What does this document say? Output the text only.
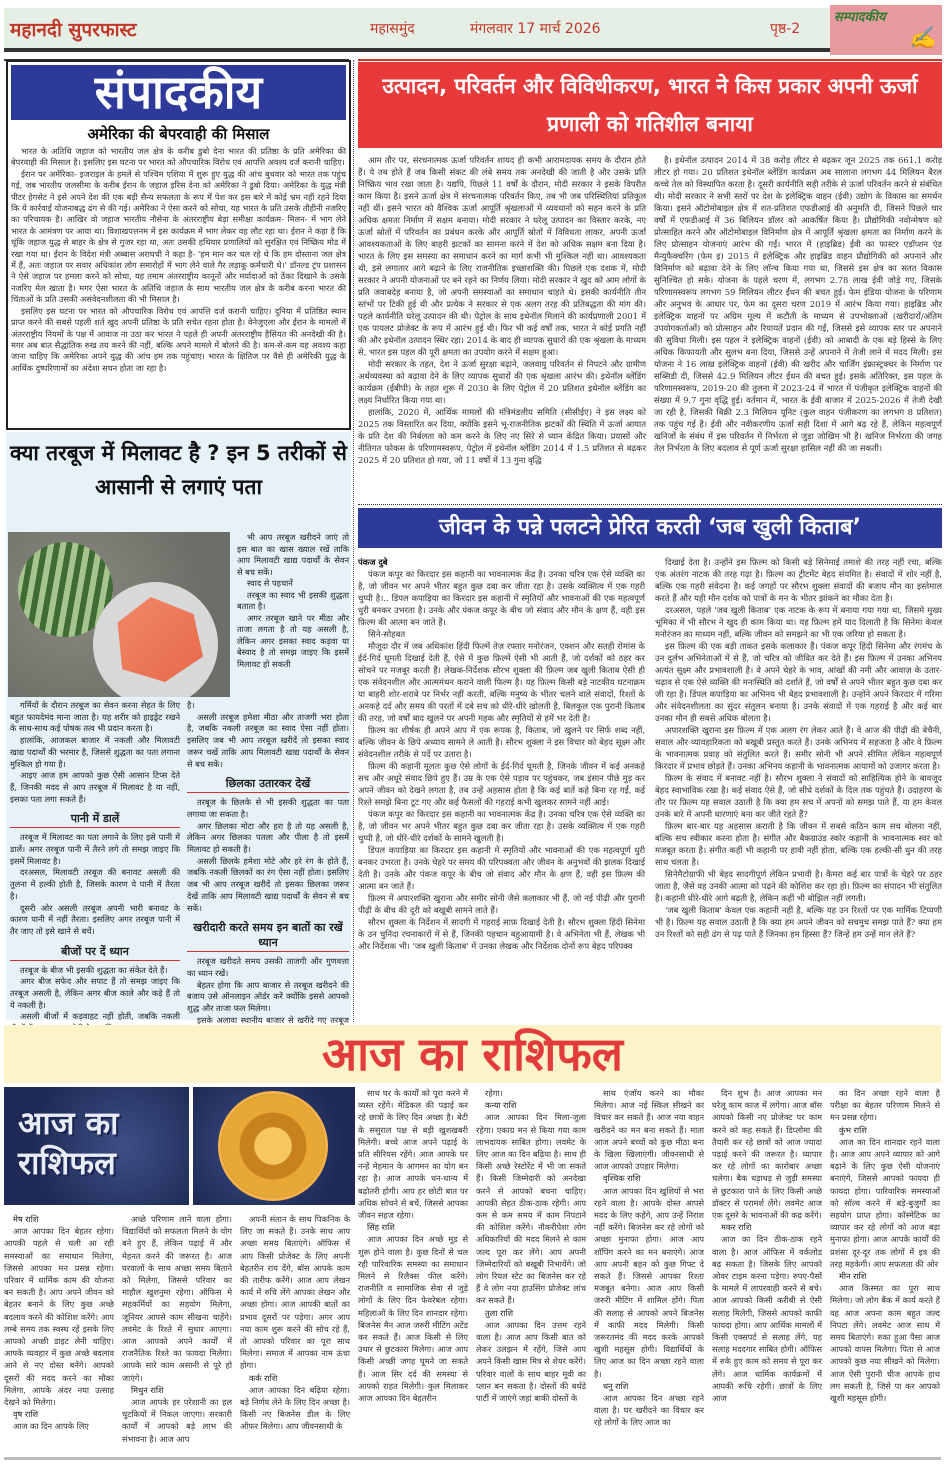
महानदी सुपरफास्ट	महासमुंद	मंगलवार 17 मार्च 2026	पृष्ठ-2
सम्पादकीय
✍
संपादकीय
अमेरिका की बेपरवाही की मिसाल

भारत के अतिथि जहाज को भारतीय जल क्षेत्र के करीब डुबो देना भारत की प्रतिष्ठा के प्रति अमेरिका की बेपरवाही की मिसाल है। इसलिए इस घटना पर भारत को औपचारिक विरोध एवं आपत्ति अवश्य दर्ज करानी चाहिए।

ईरान पर अमेरिका- इजराइल के हमले से पश्चिम एशिया में शुरू हुए युद्ध की आंच बुधवार को भारत तक पहुंच गई, जब भारतीय जलसीमा के करीब ईरान के जहाज इरिस देना को अमेरिका ने डुबो दिया। अमेरिका के युद्ध मंत्री पीटर हेगसेट ने इसे अपने देश की एक बड़ी सैन्य सफलता के रूप में पेश कर इस बारे में कोई भ्रम नहीं रहने दिया कि ये कार्रवाई योजनाबद्ध ढंग से की गई। अमेरिका ने ऐसा करने को सोचा, यह भारत के प्रति उसके तौहीनी नजरिए का परिचायक है। आखिर वो जहाज भारतीय नौसेना के अंतरराष्ट्रीय बेड़ा समीक्षा कार्यक्रम- मिलन- में भाग लेने भारत के आमंत्रण पर आया था। विशाखपत्तनम में इस कार्यक्रम में भाग लेकर वह लौट रहा था। ईरान ने कहा है कि चूंकि जहाज युद्ध से बाहर के क्षेत्र से गुजर रहा था, अतः उसकी हथियार प्रणालियों को सुरक्षित एवं निष्क्रिय मोड में रखा गया था। ईरान के विदेश मंत्री अब्बास अराघची ने कहा है- 'हम मान कर चल रहे थे कि हम दोस्ताना जल क्षेत्र में हैं, अतः जहाज पर सवार अधिकांश लोग समारोहों में भाग लेने वाले गैर लड़ाकू कर्मचारी थे।' डॉनल्ड ट्रंप प्रशासन ने ऐसे जहाज पर हमला करने को सोचा, यह तमाम अंतरराष्ट्रीय कानूनों और मर्यादाओं को ठेंका दिखाने के उसके नजरिए मेल खाता है। मगर ऐसा भारत के अतिथि जहाज के साथ भारतीय जल क्षेत्र के करीब करना भारत की चिंताओं के प्रति उसकी असंवेदनशीलता की भी मिसाल है।

इसलिए इस घटना पर भारत को औपचारिक विरोध एवं आपत्ति दर्ज करानी चाहिए। दुनिया में प्रतिष्ठित स्थान प्राप्त करने की सबसे पहली शर्त खुद अपनी प्रतिष्ठा के प्रति सचेत रहना होता है। वेनेजुएला और ईरान के मामलों में अंतरराष्ट्रीय नियमों के पक्ष में आवाज ना उठा कर भारत ने पहले ही अपनी अंतरराष्ट्रीय हैसियत की अनदेखी की है। मगर अब बात सैद्धांतिक रुख तय करने की नहीं, बल्कि अपने मामले में बोलने की है। कम-से-कम यह अवश्य कहा जाना चाहिए कि अमेरिका अपने युद्ध की आंच हम तक पहुंचाए। भारत के क्षितिज पर वैसे ही अमेरिकी युद्ध के आर्थिक दुष्परिणामों का अंदेशा सघन होता जा रहा है।

क्या तरबूज में मिलावट है ? इन 5 तरीकों से आसानी से लगाएं पता

भी आप तरबूज खरीदने जाएं तो इस बात का खास ख्याल रखें ताकि आप मिलावटी खाद्य पदार्थों के सेवन से बच सकें।

स्वाद से पहचानें

तरबूज का स्वाद भी इसकी शुद्धता बताता है।

अगर तरबूज खाने पर मीठा और ताजा लगता है तो यह असली है, लेकिन अगर इसका स्वाद कड़वा या बेस्वाद है तो समझ जाइए कि इसमें मिलावट हो सकती

गर्मियों के दौरान तरबूज का सेवन करना सेहत के लिए बहुत फायदेमंद माना जाता है। यह शरीर को हाइड्रेट रखने के साथ-साथ कई पोषक तत्व भी प्रदान करता है।

हालांकि, आजकल बाजार में नकली और मिलावटी खाद्य पदार्थों की भरमार है, जिससे शुद्धता का पता लगाना मुश्किल हो गया है।

आइए आज हम आपको कुछ ऐसी आसान टिप्स देते हैं, जिनकी मदद से आप तरबूज में मिलावट है या नहीं, इसका पता लगा सकते हैं।

पानी में डालें

तरबूज में मिलावट का पता लगाने के लिए इसे पानी में डालें। अगर तरबूज पानी में तैरने लगे तो समझ जाइए कि इसमें मिलावट है।

दरअसल, मिलावटी तरबूज की बनावट असली की तुलना में हल्की होती है, जिसके कारण ये पानी में तैरता है।

दूसरी ओर असली तरबूज अपनी भारी बनावट के कारण पानी में नहीं तैरता। इसलिए अगर तरबूज पानी में तैर जाए तो इसे खाने से बचें।

बीजों पर दें ध्यान

तरबूज के बीज भी इसकी शुद्धता का संकेत देते हैं।

अगर बीज सफेद और सपाट हैं तो समझ जाइए कि तरबूज असली है, लेकिन अगर बीज काले और कड़े हैं तो ये नकली है।

असली बीजों में कड़वाहट नहीं होती, जबकि नकली

है।

असली तरबूज हमेशा मीठा और ताजगी भरा होता है, जबकि नकली तरबूज का स्वाद ऐसा नहीं होता। इसलिए जब भी आप तरबूज खरीदें तो इसका स्वाद जरूर चखें ताकि आप मिलावटी खाद्य पदार्थों के सेवन से बच सकें।

छिलका उतारकर देखें

तरबूज के छिलके से भी इसकी शुद्धता का पता लगाया जा सकता है।

अगर छिलका मोटा और हरा है तो यह असली है, लेकिन अगर छिलका पतला और पीला है तो इसमें मिलावट हो सकती है।

असली छिलके हमेशा मोटे और हरे रंग के होते हैं, जबकि नकली छिलकों का रंग ऐसा नहीं होता। इसलिए जब भी आप तरबूज खरीदें तो इसका छिलका जरूर देखें ताकि आप मिलावटी खाद्य पदार्थों के सेवन से बच सकें।

खरीदारी करते समय इन बातों का रखें ध्यान

तरबूज खरीदते समय उसकी ताजगी और गुणवत्ता का ध्यान रखें।

बेहतर होगा कि आप बाजार से तरबूज खरीदने की बजाय उसे ऑनलाइन ऑर्डर करें क्योंकि इससे आपको शुद्ध और ताजा फल मिलेगा।

इसके अलावा स्थानीय बाजार से खरीदे गए तरबूज

उत्पादन, परिवर्तन और विविधीकरण, भारत ने किस प्रकार अपनी ऊर्जा प्रणाली को गतिशील बनाया

आम तौर पर, संरचनात्मक ऊर्जा परिवर्तन शायद ही कभी आरामदायक समय के दौरान होते हैं। ये तब होते हैं जब किसी संकट की लंबे समय तक अनदेखी की जाती है और उसके प्रति निष्क्रिय भाव रखा जाता है। यद्यपि, पिछले 11 वर्षों के दौरान, मोदी सरकार ने इसके विपरीत काम किया है। इसने ऊर्जा क्षेत्र में संरचनात्मक परिवर्तन किए, तब भी जब परिस्थितियां प्रतिकूल नहीं थीं। इसने भारत को वैश्विक ऊर्जा आपूर्ति श्रृंखलाओं में व्यवधानों को सहन करने के प्रति अधिक क्षमता निर्माण में सक्षम बनाया। मोदी सरकार ने घरेलू उत्पादन का विस्तार करके, नए ऊर्जा स्रोतों में परिवर्तन का प्रबंधन करके और आपूर्ति स्रोतों में विविधता लाकर, अपनी ऊर्जा आवश्यकताओं के लिए बाहरी झटकों का सामना करने में देश को अधिक सक्षम बना दिया है। भारत के लिए इस समस्या का समाधान करने का मार्ग कभी भी मुश्किल नहीं था। आवश्यकता थी, इसे लगातार आगे बढ़ाने के लिए राजनीतिक इच्छाशक्ति की। पिछले एक दशक में, मोदी सरकार ने अपनी योजनाओं पर बने रहने का निर्णय लिया। मोदी सरकार ने खुद को आम लोगों के प्रति जवाबदेह बनाया है, जो अपनी समस्याओं का समाधान चाहते थे। इसकी कार्यनीति तीन स्तंभों पर टिकी हुई थी और प्रत्येक ने सरकार से एक अलग तरह की प्रतिबद्धता की मांग की। पहले कार्यनीति घरेलू उत्पादन की थी। पेट्रोल के साथ इथेनॉल मिलाने की कार्यप्रणाली 2001 में एक पायलट प्रोजेक्ट के रूप में आरंभ हुई थी। फिर भी कई वर्षों तक, भारत ने कोई प्रगति नहीं की और इथेनॉल उत्पादन स्थिर रहा। 2014 के बाद ही व्यापक सुधारों की एक श्रृंखला के माध्यम से, भारत इस पहल की पूरी क्षमता का उपयोग करने में सक्षम हुआ।

मोदी सरकार के तहत, देश ने ऊर्जा सुरक्षा बढ़ाने, जलवायु परिवर्तन से निपटने और ग्रामीण अर्थव्यवस्था को बढ़ावा देने के लिए व्यापक सुधारों की एक श्रृंखला आरंभ की। इथेनॉल ब्लेंडिंग कार्यक्रम (ईबीपी) के तहत शुरू में 2030 के लिए पेट्रोल में 20 प्रतिशत इथेनॉल ब्लेंडिंग का लक्ष्य निर्धारित किया गया था।

हालांकि, 2020 में, आर्थिक मामलों की मंत्रिमंडलीय समिति (सीसीईए) ने इस लक्ष्य को 2025 तक विस्तारित कर दिया, क्योंकि इसने भू-राजनीतिक झटकों की स्थिति में ऊर्जा आयात के प्रति देश की निर्बलता को कम करने के लिए नए सिरे से ध्यान केंद्रित किया। प्रयासों और नीतिगत फोकस के परिणामस्वरूप, पेट्रोल में इथेनॉल ब्लेंडिंग 2014 में 1.5 प्रतिशत से बढ़कर 2025 में 20 प्रतिशत हो गया, जो 11 वर्षों में 13 गुना वृद्धि

है। इथेनॉल उत्पादन 2014 में 38 करोड़ लीटर से बढ़कर जून 2025 तक 661.1 करोड़ लीटर हो गया। 20 प्रतिशत इथेनॉल ब्लेंडिंग कार्यक्रम अब सालाना लगभग 44 मिलियन बैरल कच्चे तेल को विस्थापित करता है। दूसरी कार्यनीति सही तरीके से ऊर्जा परिवर्तन करने से संबंधित थी। मोदी सरकार ने सभी स्तरों पर देश के इलेक्ट्रिक वाहन (ईवी) उद्योग के विकास का समर्थन किया। इसने ऑटोमोबाइल क्षेत्र में शत-प्रतिशत एफडीआई की अनुमति दी, जिसने पिछले चार वर्षों में एफडीआई में 36 बिलियन डॉलर को आकर्षित किया है। प्रौद्योगिकी नवोन्मेषण को प्रोत्साहित करने और ऑटोमोबाइल विनिर्माण क्षेत्र में आपूर्ति श्रृंखला क्षमता का निर्माण करने के लिए प्रोत्साहन योजनाएं आरंभ की गईं। भारत में (हाइब्रिड) ईवी का फास्टर एडॉप्शन एंड मैन्युफैक्चरिंग (फेम इ) 2015 में इलेक्ट्रिक और हाइब्रिड वाहन प्रौद्योगिकी को अपनाने और विनिर्माण को बढ़ावा देने के लिए लॉन्च किया गया था, जिससे इस क्षेत्र का सतत विकास सुनिश्चित हो सके। योजना के पहले चरण में, लगभग 2.78 लाख ईवी जोड़े गए, जिसके परिणामस्वरूप लगभग 59 मिलियन लीटर ईंधन की बचत हुई। फेम इंडिया योजना के परिणाम और अनुभव के आधार पर, फेम का दूसरा चरण 2019 में आरंभ किया गया। हाइब्रिड और इलेक्ट्रिक वाहनों पर अग्रिम मूल्य में कटौती के माध्यम से उपभोक्ताओं (खरीदारों/अंतिम उपयोगकर्ताओं) को प्रोत्साहन और रियायतें प्रदान की गईं, जिससे इसे व्यापक स्तर पर अपनाने की सुविधा मिली। इस पहल ने इलेक्ट्रिक वाहनों (ईवी) को आबादी के एक बड़े हिस्से के लिए अधिक किफायती और सुलभ बना दिया, जिससे उन्हें अपनाने में तेजी लाने में मदद मिली। इस योजना ने 16 लाख इलेक्ट्रिक वाहनों (ईवी) की खरीद और चार्जिंग इंफ्रास्ट्रक्चर के निर्माण पर सब्सिडी दी, जिससे 42.9 मिलियन लीटर ईंधन की बचत हुई। इसके अतिरिक्त, इस पहल के परिणामस्वरूप, 2019-20 की तुलना में 2023-24 में भारत में पंजीकृत इलेक्ट्रिक वाहनों की संख्या में 9.7 गुना वृद्धि हुई। वर्तमान में, भारत के ईवी बाजार में 2025-2026 में तेजी देखी जा रही है, जिसकी बिक्री 2.3 मिलियन यूनिट (कुल वाहन पंजीकरण का लगभग 8 प्रतिशत) तक पहुंच गई है। ईवी और नवीकरणीय ऊर्जा सही दिशा में आगे बढ़ रहे हैं, लेकिन महत्वपूर्ण खनिजों के संबंध में इस परिवर्तन में निर्भरता से जुड़ा जोखिम भी है। खनिज निर्भरता की जगह तेल निर्भरता के लिए बदलाव से पूर्ण ऊर्जा सुरक्षा हासिल नहीं की जा सकती।

जीवन के पन्ने पलटने प्रेरित करती ‘जब खुली किताब’
पंकज दुबे

पंकज कपूर का किरदार इस कहानी का भावनात्मक केंद्र है। उनका चरित्र एक ऐसे व्यक्ति का है, जो जीवन भर अपने भीतर बहुत कुछ दबा कर जीता रहा है। उसके व्यक्तित्व में एक गहरी चुप्पी है।.. डिंपल कपाड़िया का किरदार इस कहानी में स्मृतियों और भावनाओं की एक महत्वपूर्ण धुरी बनकर उभरता है। उनके और पंकज कपूर के बीच जो संवाद और मौन के क्षण हैं, वही इस फ़िल्म की आत्मा बन जाते हैं।

सिने-सोहबत

मौजूदा दौर में जब अधिकांश हिंदी फिल्में तेज़ रफ्तार मनोरंजन, एक्शन और सतही रोमांस के ईर्द-गिर्द घूमती दिखाई देती हैं, ऐसे में कुछ फ़िल्में ऐसी भी आती हैं, जो दर्शकों को ठहर कर सोचने पर मजबूर करती हैं। लेखक-निर्देशक सौरभ शुक्ला की फ़िल्म जब खुली किताब ऐसी ही एक संवेदनशील और आत्ममंथन कराने वाली फिल्म है। यह फ़िल्म किसी बड़े नाटकीय घटनाक्रम या बाहरी शोर-शराबे पर निर्भर नहीं करती, बल्कि मनुष्य के भीतर चलने वाले संवादों, रिश्तों के अनकहे दर्द और समय की परतों में दबे सच को धीरे-धीरे खोलती है, बिलकुल एक पुरानी किताब की तरह, जो वर्षों बाद खुलने पर अपनी महक और स्मृतियों से हमें भर देती है।

फ़िल्म का शीर्षक ही अपने आप में एक रूपक है, किताब, जो खुलने पर सिर्फ शब्द नहीं, बल्कि जीवन के छिपे अध्याय सामने ले आती है। सौरभ शुक्ला ने इस विचार को बेहद सूक्ष्म और संवेदनशील तरीके से पर्दे पर उतारा है।

फ़िल्म की कहानी मूलतः कुछ ऐसे लोगों के ईर्द-गिर्द घूमती है, जिनके जीवन में कई अनकहे सच और अधूरे संवाद छिपे हुए हैं। उम्र के एक ऐसे पड़ाव पर पहुंचकर, जब इंसान पीछे मुड़ कर अपने जीवन को देखने लगता है, तब उन्हें अहसास होता है कि कई बातें कहे बिना रह गईं, कई रिश्ते समझे बिना टूट गए और कई फैसलों की गहराई कभी खुलकर सामने नहीं आई।

पंकज कपूर का किरदार इस कहानी का भावनात्मक केंद्र है। उनका चरित्र एक ऐसे व्यक्ति का है, जो जीवन भर अपने भीतर बहुत कुछ दबा कर जीता रहा है। उसके व्यक्तित्व में एक गहरी चुप्पी है, जो धीरे-धीरे दर्शकों के सामने खुलती है।

डिंपल कपाड़िया का किरदार इस कहानी में स्मृतियों और भावनाओं की एक महत्वपूर्ण धुरी बनकर उभरता है। उनके चेहरे पर समय की परिपक्वता और जीवन के अनुभवों की झलक दिखाई देती है। उनके और पंकज कपूर के बीच जो संवाद और मौन के क्षण हैं, वही इस फ़िल्म की आत्मा बन जाते हैं।

फ़िल्म में अपारशक्ति खुराना और समीर सोनी जैसे कलाकार भी हैं, जो नई पीढ़ी और पुरानी पीढ़ी के बीच की दूरी को बखूबी सामने लाते हैं।

सौरभ शुक्ला के निर्देशन में सादगी में गहराई साफ़ दिखाई देती है। सौरभ शुक्ला हिंदी सिनेमा के उन चुनिंदा रचनाकारों में से हैं, जिनकी पहचान बहुआयामी है। वे अभिनेता भी हैं, लेखक भी और निर्देशक भी। 'जब खुली किताब' में उनका लेखक और निर्देशक दोनों रूप बेहद परिपक्व

दिखाई देता है। उन्होंने इस फ़िल्म को किसी बड़े सिनेमाई तमाशे की तरह नहीं रचा, बल्कि एक अंतरंग नाटक की तरह गढ़ा है। फ़िल्म का ट्रीटमेंट बेहद संयमित है। संवादों में शोर नहीं है, बल्कि एक गहरी संवेदना है। कई जगहों पर सौरभ शुक्ला संवादों की बजाय मौन का इस्तेमाल करते हैं और यही मौन दर्शक को पात्रों के मन के भीतर झांकने का मौका देता है।

दरअसल, पहले 'जब खुली किताब' एक नाटक के रूप में बनाया गया गया था, जिसमे मुख्य भूमिका में भी सौरभ ने खुद ही काम किया था। यह फ़िल्म हमें याद दिलाती है कि सिनेमा केवल मनोरंजन का माध्यम नहीं, बल्कि जीवन को समझने का भी एक जरिया हो सकता है।

इस फ़िल्म की एक बड़ी ताकत इसके कलाकार हैं। पंकज कपूर हिंदी सिनेमा और रंगमंच के उन दुर्लभ अभिनेताओं में से हैं, जो चरित्र को जीवित कर देते हैं। इस फ़िल्म में उनका अभिनय अत्यंत सूक्ष्म और प्रभावशाली है। वे अपने चेहरे के भाव, आंखों की नमी और आवाज़ के उतार-चढ़ाव से एक ऐसे व्यक्ति की मनःस्थिति को दर्शाते हैं, जो वर्षों से अपने भीतर बहुत कुछ दबा कर जी रहा है। डिंपल कपाड़िया का अभिनय भी बेहद प्रभावशाली है। उन्होंने अपने किरदार में गरिमा और संवेदनशीलता का सुंदर संतुलन बनाया है। उनके संवादों में एक गहराई है और कई बार उनका मौन ही सबसे अधिक बोलता है।

अपारशक्ति खुराना इस फ़िल्म में एक अलग रंग लेकर आते हैं। वे आज की पीढ़ी की बेचैनी, सवाल और व्यावहारिकता को बखूबी प्रस्तुत करते हैं। उनके अभिनय में सहजता है और वे फ़िल्म के भावनात्मक प्रवाह को संतुलित करते हैं। समीर सोनी भी अपने सीमित लेकिन महत्वपूर्ण किरदार में प्रभाव छोड़ते हैं। उनका अभिनय कहानी के भावनात्मक आयामों को उजागर करता है।

फ़िल्म के संवाद में बनावट नहीं है। सौरभ शुक्ला ने संवादों को साहित्यिक होने के बावजूद बेहद स्वाभाविक रखा है। कई संवाद ऐसे हैं, जो सीधे दर्शकों के दिल तक पहुंचते हैं। उदाहरण के तौर पर फ़िल्म यह सवाल उठाती है कि क्या हम सच में अपनों को समझ पाते हैं, या हम केवल उनके बारे में अपनी धारणाएं बना कर जीते रहते हैं?

फ़िल्म बार-बार यह अहसास कराती है कि जीवन में सबसे कठिन काम सच बोलना नहीं, बल्कि सच स्वीकार करना होता है। संगीत और बैकग्राउंड स्कोर कहानी के भावनात्मक स्वर को मजबूत करता है। संगीत कहीं भी कहानी पर हावी नहीं होता, बल्कि एक हल्की-सी धुन की तरह साथ चलता है।

सिनेमैटोग्राफी भी बेहद सादगीपूर्ण लेकिन प्रभावी है। कैमरा कई बार पात्रों के चेहरे पर ठहर जाता है, जैसे वह उनकी आत्मा को पढ़ने की कोशिश कर रहा हो। फ़िल्म का संपादन भी संतुलित है। कहानी धीरे-धीरे आगे बढ़ती है, लेकिन कहीं भी बोझिल नहीं लगती।

'जब खुली किताब' केवल एक कहानी नहीं है, बल्कि यह उन रिश्तों पर एक मार्मिक टिप्पणी भी है। फ़िल्म यह सवाल उठाती है कि क्या हम अपने जीवन को सचमुच समझ पाते हैं? क्या हम उन रिश्तों को सही ढंग से पढ़ पाते हैं जिनका हम हिस्सा हैं? जिन्हें हम उन्हें मान लेते हैं?

आज का राशिफल
आज का राशिफल
मेष राशि

आज आपका दिन बेहतर रहेगा। आपकी पहले से चली आ रही समस्याओं का समाधान मिलेगा, जिससे आपका मन प्रसन्न रहेगा। परिवार में धार्मिक काम की योजना बन सकती है। आप अपने जीवन को बेहतर बनाने के लिए कुछ अच्छे बदलाव करने की कोशिश करेंगे। आप लम्बे समय तक स्वस्थ रहें इसके लिए आपको अच्छी डाइट लेनी चाहिए। आपके व्यवहार में कुछ अच्छे बदलाव आने से नए दोस्त बनेंगे। आपको दूसरों की मदद करने का मौका मिलेगा, आपके अंदर नया उत्साह देखने को मिलेगा।

वृष राशि

आज का दिन आपके लिए

अच्छे परिणाम लाने वाला होगा। विद्यार्थियों को सफलता मिलने के योग बने हुए हैं, लेकिन पढ़ाई में और मेहनत करने की जरूरत है। आज घरवालों के साथ अच्छा समय बिताने को मिलेगा, जिससे परिवार का माहौल खुशनुमा रहेगा। ऑफिस मे सहकर्मियों का सहयोग मिलेगा, जूनियर आपसे काम सीखना चाहेंगे। लवमेट के रिश्ते में सुधार आएगा। आज आपको अपने कार्यों में राजनैतिक रिश्ते का फायदा मिलेगा। आपके सारे काम असानी से पूरे हो जाएंगे।

मिथुन राशि

आज आपके हर परेशानी का हल चुटकियों में निकल जाएगा। सरकारी कार्यों में आपको बड़े लाभ की संभावना है। आज आप

अपनी संतान के साथ पिकनिक के लिए जा सकते हैं। उनके साथ आप अच्छा समय बिताएंगे। ऑफिस में आप किसी प्रोजेक्ट के लिए अपनी बेहतरीन राय देंगे, बॉस आपके काम की तारीफ करेंगे। आज आप लेखन कार्य में रुचि लेंगे आपका लेखन और अच्छा होगा। आज आपकी बातों का प्रभाव दूसरों पर पड़ेगा। अगर आप नया काम शुरू करने की सोच रहे हैं, तो आपको परिवार का पूरा साथ मिलेगा। समाज में आपका नाम ऊंचा होगा।

कर्क राशि

आज आपका दिन बढ़िया रहेगा। बड़े निर्णय लेने के लिए दिन अच्छा है। किसी नए बिजनेस डील के लिए ऑफर मिलेगा। आप जीवनसाथी के

साथ घर के कार्यों को पूरा करने में व्यस्त रहेंगे। मेडिकल की पढ़ाई कर रहे छात्रों के लिए दिन अच्छा है। बेटी के ससुराल पक्ष से बड़ी खुशखबरी मिलेगी। बच्चे आज अपने पढ़ाई के प्रति सीरियस रहेंगे। आज आपके घर नन्हें मेहमान के आगमन का योग बन रहा है। आज आपके धन-धान्य में बढ़ोतरी होगी। आप हर छोटी बात पर अधिक सोचने से बचें, जिससे आपका जीवन सहज रहेगा।

सिंह राशि

आज आपका दिन अच्छे मूड से शुरू होने वाला है। कुछ दिनों से चल रही पारिवारिक समस्या का समाधान मिलने से रिलैक्स फील करेंगे। राजनीति व सामाजिक सेवा से जुड़े लोगों के लिए दिन फेवरेबल रहेगा। महिलाओं के लिए दिन शानदार रहेगा। बिजनेस मैन आज जरुरी मीटिंग अटेंड कर सकते हैं। आज किसी से लिए उधार से छुटकारा मिलेगा। आज आप किसी अच्छी जगह घूमने जा सकते हैं। आज सिर दर्द की समस्या से आपको राहत मिलेगी। कुल मिलाकर आज आपका दिन बेहतरीन

रहेगा।

कन्या राशि

आज आपका दिन मिला-जुला रहेगा। एकाग्र मन से किया गया काम लाभदायक साबित होगा। लवमेट के लिए आज का दिन बढ़िया है। साथ ही किसी अच्छे रेस्टोरेंट में भी जा सकते हैं। किसी जिम्मेदारी को अनदेखा करने से आपको बचना चाहिए। आपकी सेहत ठीक-ठाक रहेगी। आप कम से कम समय में काम निपटाने की कोशिश करेंगे। नौकरीपेशा लोग अधिकारियों की मदद मिलने से काम जल्द पूरा कर लेंगे। आप अपनी जिम्मेदारियों को बखूबी निभायेंगे। जो लोग रियल स्टेट का बिजनेस कर रहे हैं वे लोग नया हाउसिंग प्रोजेक्ट लांच कर सकते हैं।

तुला राशि

आज आपका दिन उत्तम रहने वाला है। आज आप किसी बात को लेकर उलझन में रहेंगे, जिसे आप अपने किसी खास मित्र से शेयर करेंगे। परिवार वालों के साथ बाहर मूवी का प्लान बन सकता है। दोस्तों की बर्थडे पार्टी में जाएंगे जहां बाकी दोस्तों के

साथ एंजॉय करने का मौका मिलेगा। आज नई स्किल सीखने का विचार कर सकते हैं। आज नया वाहन खरीदने का मन बना सकते हैं। माता आज अपने बच्चों को कुछ मीठा बना के खिला खिलाएंगी। जीवनसाथी से आज आपको उपहार मिलेगा।

वृश्चिक राशि

आज आपका दिन खुशियों से भरा रहने वाला है। आपके दोस्त आपसे मदद के लिए कहेंगे, आप उन्हें निराश नहीं करेंगे। बिजनेस कर रहे लोगों को अच्छा मुनाफा होगा। आज आप शॉपिंग करने का मन बनाएंगे। आज आप अपनी बहन को कुछ गिफ्ट दे सकते हैं। जिससे आपका रिश्ता मजबूत बनेगा। आज आप किसी जरुरी मीटिंग में शामिल होंगे। पिता की सलाह से आपको अपने बिजनेस में काफी मदद मिलेगी। किसी जरूरतमंद की मदद करके आपको खुशी महसूस होगी। विद्यार्थियों के लिए आज का दिन अच्छा रहने वाला है।

धनु राशि

आज आपका दिन अच्छा रहने वाला है। घर खरीदने का विचार कर रहे लोगों के लिए आज का

दिन शुभ है। आज आपका मन घरेलू काम काज में लगेगा। आज बॉस आपको किसी नए प्रोजेक्ट पर काम करने को कह सकते हैं। डिप्लोमा की तैयारी कर रहे छात्रों को आज ज्यादा पढ़ाई करने की जरूरत है। व्यापार कर रहे लोगों का कारोबार अच्छा चलेगा। बैक धड़ाधड़ से जुड़ी समस्या से छुटकारा पाने के लिए किसी अच्छे डॉक्टर से परामर्श लेंगे। लवमेट आज एक दूसरे के भावनाओं की कद्र करेंगे।

मकर राशि

आज का दिन ठीक-ठाक रहने वाला है। आज ऑफिस में वर्कलोड बढ़ सकता है। जिसके लिए आपको ओवर टाइम करना पड़ेगा। रुपए-पैसों के मामले में लापरवाही करने से बचे। आज आपको किसी करीबी से ऐसी सलाह मिलेगी, जिससे आपको काफी फायदा होगा। आप आर्थिक मामलों में किसी एक्सपर्ट से सलाह लेंगे, यह सलाह मददगार साबित होगी। ऑफिस में रुके हुए काम को समय से पूरा कर लेंगे। आज धार्मिक कार्यक्रमों में आपकी रूचि रहेगी। छात्रों के लिए आज

का दिन अच्छा रहने वाला है परीक्षा का बेहतर परिणाम मिलने से मन प्रसन्न रहेगा।

कुंभ राशि

आज का दिन शानदार रहने वाला है। आज आप अपने व्यापार को आगे बढ़ाने के लिए कुछ ऐसी योजनाएं बनाएंगे, जिससे आपको फायदा ही फायदा होगा। पारिवारिक समस्याओं को सॉल्व करने में बड़े-बुजुर्गों का सहयोग प्राप्त होगा। कॉस्मेटिक का व्यापार कर रहे लोगों को आज बड़ा मुनाफा होगा। आज आपके कार्यों की प्रशंसा दूर-दूर तक लोगों में इत्र की तरह महकेगी। आप सफलता की ओर

मीन राशि

आज किस्मत का पूरा साथ मिलेगा। जो लोग बैंक में कार्य करते हैं वह आज अपना काम बहुत जल्द निपटा लेंगे। लवमेट आज साथ में समय बिताएंगे। रुका हुआ पैसा आज आपको वापस मिलेगा। पिता से आज आपको कुछ नया सीखने को मिलेगा। आज ऐसी पुरानी चीज आपके हाथ लग सकती है, जिसे पा कर आपको खुशी महसूस होगी।
